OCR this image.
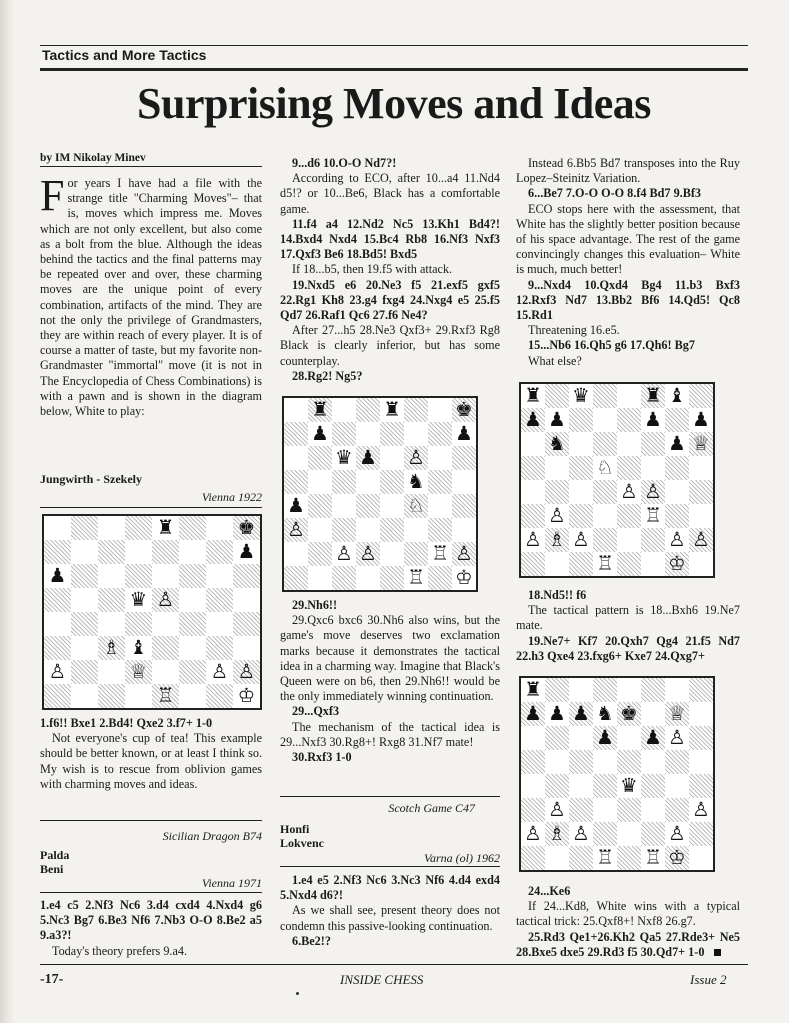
Tactics and More Tactics
Surprising Moves and Ideas
by IM Nikolay Minev

For years I have had a file with the strange title "Charming Moves"– that is, moves which impress me. Moves which are not only excellent, but also come as a bolt from the blue. Although the ideas behind the tactics and the final patterns may be repeated over and over, these charming moves are the unique point of every combination, artifacts of the mind. They are not the only the privilege of Grandmasters, they are within reach of every player. It is of course a matter of taste, but my favorite non-Grandmaster "immortal" move (it is not in The Encyclopedia of Chess Combinations) is with a pawn and is shown in the diagram below, White to play:

Jungwirth - Szekely
Vienna 1922
♜	♚
♟
♟
♛ ♙
♗ ♝
♙	♕	♙ ♙
♖	♔

1.f6!! Bxe1 2.Bd4! Qxe2 3.f7+ 1-0

Not everyone's cup of tea! This example should be better known, or at least I think so. My wish is to rescue from oblivion games with charming moves and ideas.

Sicilian Dragon B74
Palda
Beni
Vienna 1971

1.e4 c5 2.Nf3 Nc6 3.d4 cxd4 4.Nxd4 g6 5.Nc3 Bg7 6.Be3 Nf6 7.Nb3 O-O 8.Be2 a5 9.a3?!

Today's theory prefers 9.a4.

9...d6 10.O-O Nd7?!

According to ECO, after 10...a4 11.Nd4 d5!? or 10...Be6, Black has a comfortable game.

11.f4 a4 12.Nd2 Nc5 13.Kh1 Bd4?! 14.Bxd4 Nxd4 15.Bc4 Rb8 16.Nf3 Nxf3 17.Qxf3 Be6 18.Bd5! Bxd5

If 18...b5, then 19.f5 with attack.

19.Nxd5 e6 20.Ne3 f5 21.exf5 gxf5 22.Rg1 Kh8 23.g4 fxg4 24.Nxg4 e5 25.f5 Qd7 26.Raf1 Qc6 27.f6 Ne4?

After 27...h5 28.Ne3 Qxf3+ 29.Rxf3 Rg8 Black is clearly inferior, but has some counterplay.

28.Rg2! Ng5?

♜	♜	♚
♟	♟
♛ ♟ ♙
♞
♟	♘
♙
♙ ♙	♖ ♙
♖ ♔

29.Nh6!!

29.Qxc6 bxc6 30.Nh6 also wins, but the game's move deserves two exclamation marks because it demonstrates the tactical idea in a charming way. Imagine that Black's Queen were on b6, then 29.Nh6!! would be the only immediately winning continuation.

29...Qxf3

The mechanism of the tactical idea is 29...Nxf3 30.Rg8+! Rxg8 31.Nf7 mate!

30.Rxf3 1-0

Scotch Game C47
Honfi
Lokvenc
Varna (ol) 1962

1.e4 e5 2.Nf3 Nc6 3.Nc3 Nf6 4.d4 exd4 5.Nxd4 d6?!

As we shall see, present theory does not condemn this passive-looking continuation.

6.Be2!?

Instead 6.Bb5 Bd7 transposes into the Ruy Lopez–Steinitz Variation.

6...Be7 7.O-O O-O 8.f4 Bd7 9.Bf3

ECO stops here with the assessment, that White has the slightly better position because of his space advantage. The rest of the game convincingly changes this evaluation– White is much, much better!

9...Nxd4 10.Qxd4 Bg4 11.b3 Bxf3 12.Rxf3 Nd7 13.Bb2 Bf6 14.Qd5! Qc8 15.Rd1

Threatening 16.e5.

15...Nb6 16.Qh5 g6 17.Qh6! Bg7

What else?

♜ ♛	♜ ♝
♟ ♟	♟ ♟
♞	♟ ♕
♘
♙ ♙
♙	♖
♙ ♗ ♙	♙ ♙
♖	♔

18.Nd5!! f6

The tactical pattern is 18...Bxh6 19.Ne7 mate.

19.Ne7+ Kf7 20.Qxh7 Qg4 21.f5 Nd7 22.h3 Qxe4 23.fxg6+ Kxe7 24.Qxg7+

♜
♟ ♟ ♟ ♞ ♚ ♕
♟ ♟ ♙
♛
♙	♙
♙ ♗ ♙	♙
♖ ♖ ♔

24...Ke6

If 24...Kd8, White wins with a typical tactical trick: 25.Qxf8+! Nxf8 26.g7.

25.Rd3 Qe1+26.Kh2 Qa5 27.Rde3+ Ne5 28.Bxe5 dxe5 29.Rd3 f5 30.Qd7+ 1-0

-17-	INSIDE CHESS	Issue 2
